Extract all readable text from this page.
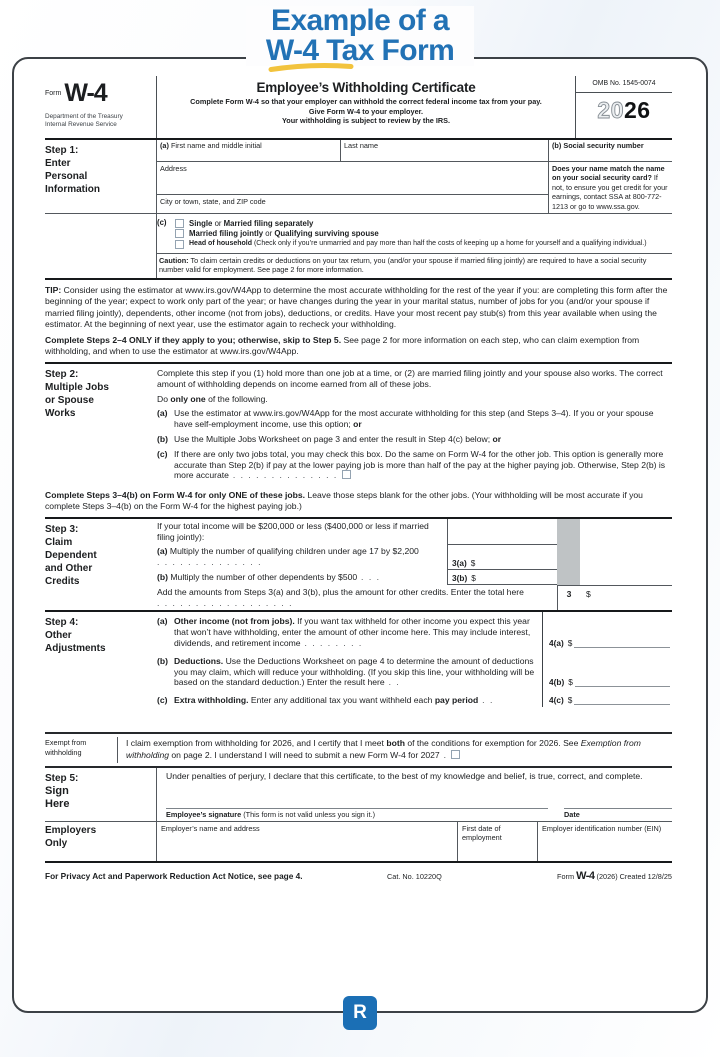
Example of a
W-4 Tax Form
$^{Form}$ W-4
Department of the Treasury
Internal Revenue Service
Employee’s Withholding Certificate
Complete Form W-4 so that your employer can withhold the correct federal income tax from your pay.
Give Form W-4 to your employer.
Your withholding is subject to review by the IRS.
OMB No. 1545-0074
2026
Step 1:
Enter
Personal
Information
(a) First name and middle initial	Last name
Address
City or town, state, and ZIP code
(b) Social security number
Does your name match the name on your social security card? If not, to ensure you get credit for your earnings, contact SSA at 800-772-1213 or go to www.ssa.gov.
(c)	Single or Married filing separately
Married filing jointly or Qualifying surviving spouse
Head of household (Check only if you’re unmarried and pay more than half the costs of keeping up a home for yourself and a qualifying individual.)
Caution: To claim certain credits or deductions on your tax return, you (and/or your spouse if married filing jointly) are required to have a social security number valid for employment. See page 2 for more information.
TIP: Consider using the estimator at www.irs.gov/W4App to determine the most accurate withholding for the rest of the year if you: are completing this form after the beginning of the year; expect to work only part of the year; or have changes during the year in your marital status, number of jobs for you (and/or your spouse if married filing jointly), dependents, other income (not from jobs), deductions, or credits. Have your most recent pay stub(s) from this year available when using the estimator. At the beginning of next year, use the estimator again to recheck your withholding.
Complete Steps 2–4 ONLY if they apply to you; otherwise, skip to Step 5. See page 2 for more information on each step, who can claim exemption from withholding, and when to use the estimator at www.irs.gov/W4App.
Step 2:
Multiple Jobs
or Spouse
Works
Complete this step if you (1) hold more than one job at a time, or (2) are married filing jointly and your spouse also works. The correct amount of withholding depends on income earned from all of these jobs.
Do only one of the following.
(a) Use the estimator at www.irs.gov/W4App for the most accurate withholding for this step (and Steps 3–4). If you or your spouse have self-employment income, use this option; or
(b) Use the Multiple Jobs Worksheet on page 3 and enter the result in Step 4(c) below; or
(c) If there are only two jobs total, you may check this box. Do the same on Form W-4 for the other job. This option is generally more accurate than Step 2(b) if pay at the lower paying job is more than half of the pay at the higher paying job. Otherwise, Step 2(b) is more accurate . . . . . . . . . . . . . .
Complete Steps 3–4(b) on Form W-4 for only ONE of these jobs. Leave those steps blank for the other jobs. (Your withholding will be most accurate if you complete Steps 3–4(b) on the Form W-4 for the highest paying job.)
Step 3:
Claim
Dependent
and Other
Credits
If your total income will be $200,000 or less ($400,000 or less if married filing jointly):
(a) Multiply the number of qualifying children under age 17 by $2,200 . . . . . . . . . . . . . .	3(a) $
(b) Multiply the number of other dependents by $500 . . .	3(b) $
Add the amounts from Steps 3(a) and 3(b), plus the amount for other credits. Enter the total here . . . . . . . . . . . . . . . . . .
3	$
Step 4:
Other
Adjustments
(a) Other income (not from jobs). If you want tax withheld for other income you expect this year that won’t have withholding, enter the amount of other income here. This may include interest, dividends, and retirement income . . . . . . . .	4(a) $
(b) Deductions. Use the Deductions Worksheet on page 4 to determine the amount of deductions you may claim, which will reduce your withholding. (If you skip this line, your withholding will be based on the standard deduction.) Enter the result here . .	4(b) $
(c) Extra withholding. Enter any additional tax you want withheld each pay period . .	4(c) $
Exempt from
withholding
I claim exemption from withholding for 2026, and I certify that I meet both of the conditions for exemption for 2026. See Exemption from withholding on page 2. I understand I will need to submit a new Form W-4 for 2027 .
Step 5:
Sign
Here
Under penalties of perjury, I declare that this certificate, to the best of my knowledge and belief, is true, correct, and complete.
Employee’s signature (This form is not valid unless you sign it.)	Date
Employers
Only
Employer’s name and address	First date of employment
Employer identification number (EIN)
For Privacy Act and Paperwork Reduction Act Notice, see page 4.	Cat. No. 10220Q	Form W-4 (2026) Created 12/8/25
R
